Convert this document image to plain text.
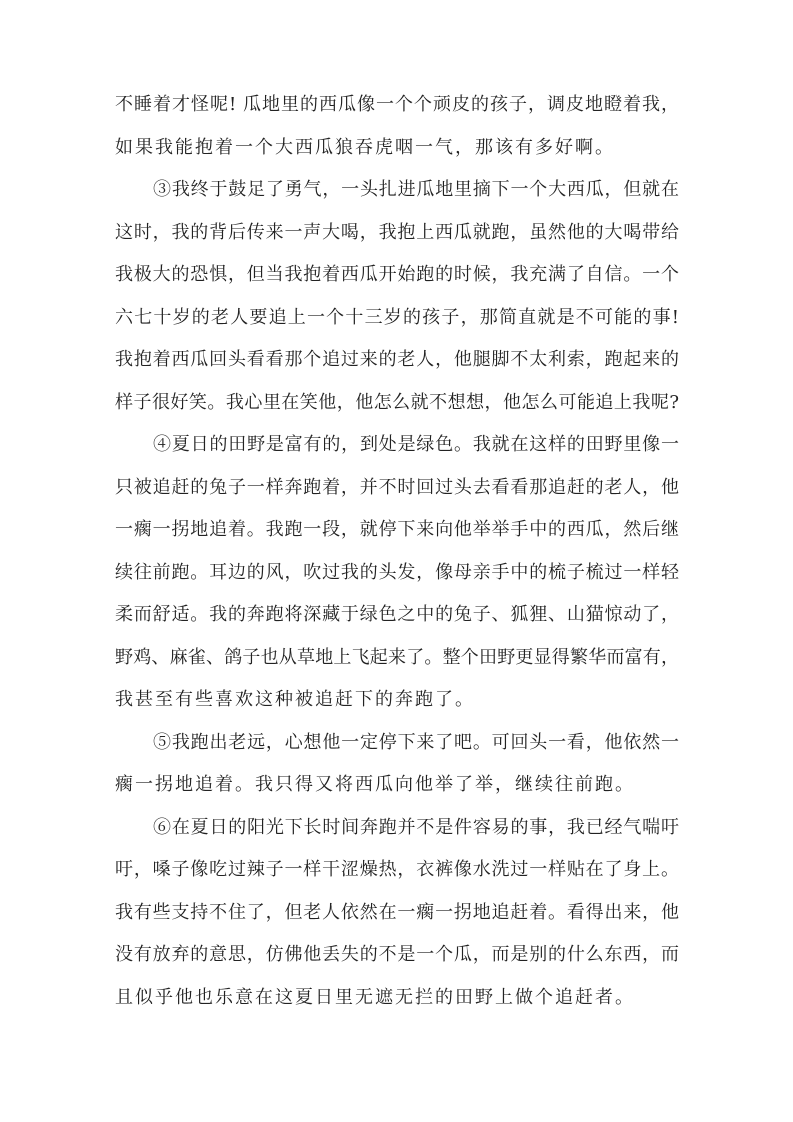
不睡着才怪呢! 瓜地里的西瓜像一个个顽皮的孩子，调皮地瞪着我，
如果我能抱着一个大西瓜狼吞虎咽一气，那该有多好啊。
③我终于鼓足了勇气，一头扎进瓜地里摘下一个大西瓜，但就在
这时，我的背后传来一声大喝，我抱上西瓜就跑，虽然他的大喝带给
我极大的恐惧，但当我抱着西瓜开始跑的时候，我充满了自信。一个
六七十岁的老人要追上一个十三岁的孩子，那简直就是不可能的事!
我抱着西瓜回头看看那个追过来的老人，他腿脚不太利索，跑起来的
样子很好笑。我心里在笑他，他怎么就不想想，他怎么可能追上我呢?
④夏日的田野是富有的，到处是绿色。我就在这样的田野里像一
只被追赶的兔子一样奔跑着，并不时回过头去看看那追赶的老人，他
一瘸一拐地追着。我跑一段，就停下来向他举举手中的西瓜，然后继
续往前跑。耳边的风，吹过我的头发，像母亲手中的梳子梳过一样轻
柔而舒适。我的奔跑将深藏于绿色之中的兔子、狐狸、山猫惊动了，
野鸡、麻雀、鸽子也从草地上飞起来了。整个田野更显得繁华而富有，
我甚至有些喜欢这种被追赶下的奔跑了。
⑤我跑出老远，心想他一定停下来了吧。可回头一看，他依然一
瘸一拐地追着。我只得又将西瓜向他举了举，继续往前跑。
⑥在夏日的阳光下长时间奔跑并不是件容易的事，我已经气喘吁
吁，嗓子像吃过辣子一样干涩燥热，衣裤像水洗过一样贴在了身上。
我有些支持不住了，但老人依然在一瘸一拐地追赶着。看得出来，他
没有放弃的意思，仿佛他丢失的不是一个瓜，而是别的什么东西，而
且似乎他也乐意在这夏日里无遮无拦的田野上做个追赶者。
